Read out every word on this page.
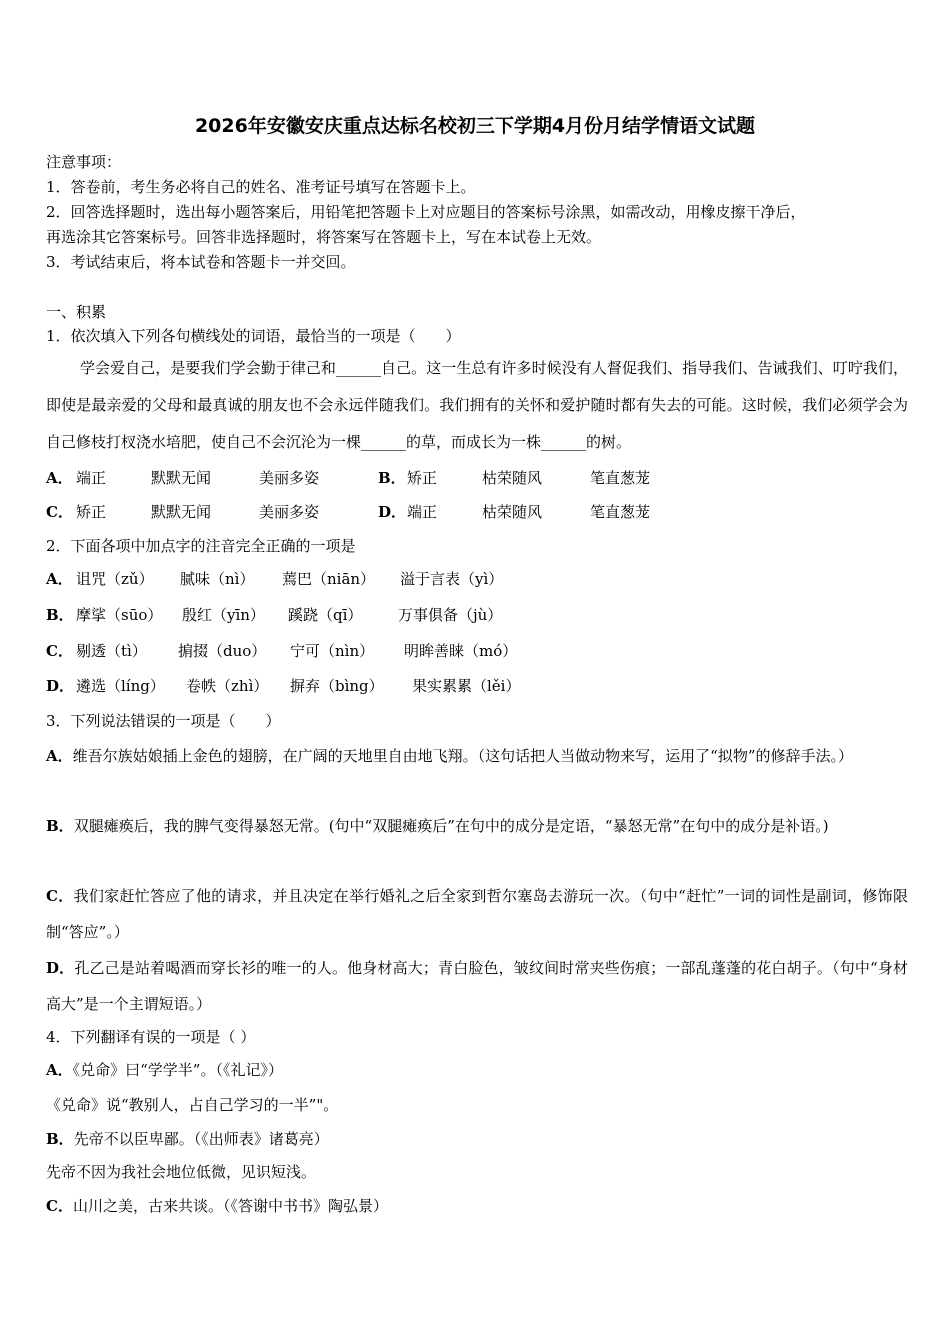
2026年安徽安庆重点达标名校初三下学期4月份月结学情语文试题
注意事项：
1．答卷前，考生务必将自己的姓名、准考证号填写在答题卡上。
2．回答选择题时，选出每小题答案后，用铅笔把答题卡上对应题目的答案标号涂黑，如需改动，用橡皮擦干净后，
再选涂其它答案标号。回答非选择题时，将答案写在答题卡上，写在本试卷上无效。
3．考试结束后，将本试卷和答题卡一并交回。
一、积累
1．依次填入下列各句横线处的词语，最恰当的一项是（　　）
学会爱自己，是要我们学会勤于律己和______自己。这一生总有许多时候没有人督促我们、指导我们、告诫我们、叮咛我们，即使是最亲爱的父母和最真诚的朋友也不会永远伴随我们。我们拥有的关怀和爱护随时都有失去的可能。这时候，我们必须学会为自己修枝打杈浇水培肥，使自己不会沉沦为一棵______的草，而成长为一株______的树。
A． 端正	默默无闻	美丽多姿	B． 矫正	枯荣随风	笔直葱茏
C． 矫正	默默无闻	美丽多姿	D． 端正	枯荣随风	笔直葱茏
2．下面各项中加点字的注音完全正确的一项是
A． 诅咒（zǔ） 腻味（nì） 蔫巴（niān） 溢于言表（yì）
B． 摩挲（sūo） 殷红（yīn） 蹊跷（qī） 万事俱备（jù）
C． 剔透（tì） 掮掇（duo） 宁可（nìn） 明眸善睐（mó）
D． 遴选（líng） 卷帙（zhì） 摒弃（bìng） 果实累累（lěi）
3．下列说法错误的一项是（　　）
A．维吾尔族姑娘插上金色的翅膀，在广阔的天地里自由地飞翔。（这句话把人当做动物来写，运用了“拟物”的修辞手法。）
B．双腿瘫痪后，我的脾气变得暴怒无常。(句中“双腿瘫痪后”在句中的成分是定语，“暴怒无常”在句中的成分是补语。)
C．我们家赶忙答应了他的请求，并且决定在举行婚礼之后全家到哲尔塞岛去游玩一次。（句中“赶忙”一词的词性是副词，修饰限制“答应”。）
D．孔乙己是站着喝酒而穿长衫的唯一的人。他身材高大；青白脸色，皱纹间时常夹些伤痕；一部乱蓬蓬的花白胡子。（句中“身材高大”是一个主谓短语。）
4．下列翻译有误的一项是（ ）
A．《兑命》曰“学学半”。（《礼记》）
《兑命》说“教别人，占自己学习的一半”"。
B．先帝不以臣卑鄙。（《出师表》诸葛亮）
先帝不因为我社会地位低微，见识短浅。
C．山川之美，古来共谈。（《答谢中书书》陶弘景）
